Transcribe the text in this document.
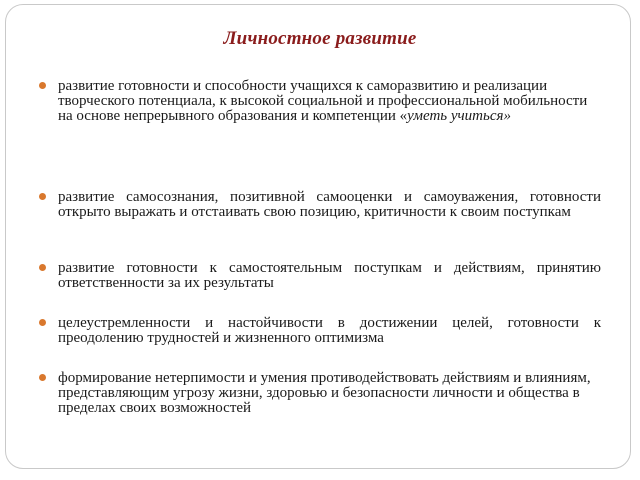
Личностное развитие
развитие готовности и способности учащихся к саморазвитию и реализации творческого потенциала, к высокой социальной и профессиональной мобильности на основе непрерывного образования и компетенции «уметь учиться»
развитие самосознания, позитивной самооценки и самоуважения, готовности открыто выражать и отстаивать свою позицию, критичности к своим поступкам
развитие готовности к самостоятельным поступкам и действиям, принятию ответственности за их результаты
целеустремленности и настойчивости в достижении целей, готовности к преодолению трудностей и жизненного оптимизма
формирование нетерпимости и умения противодействовать действиям и влияниям, представляющим угрозу жизни, здоровью и безопасности личности и общества в пределах своих возможностей
